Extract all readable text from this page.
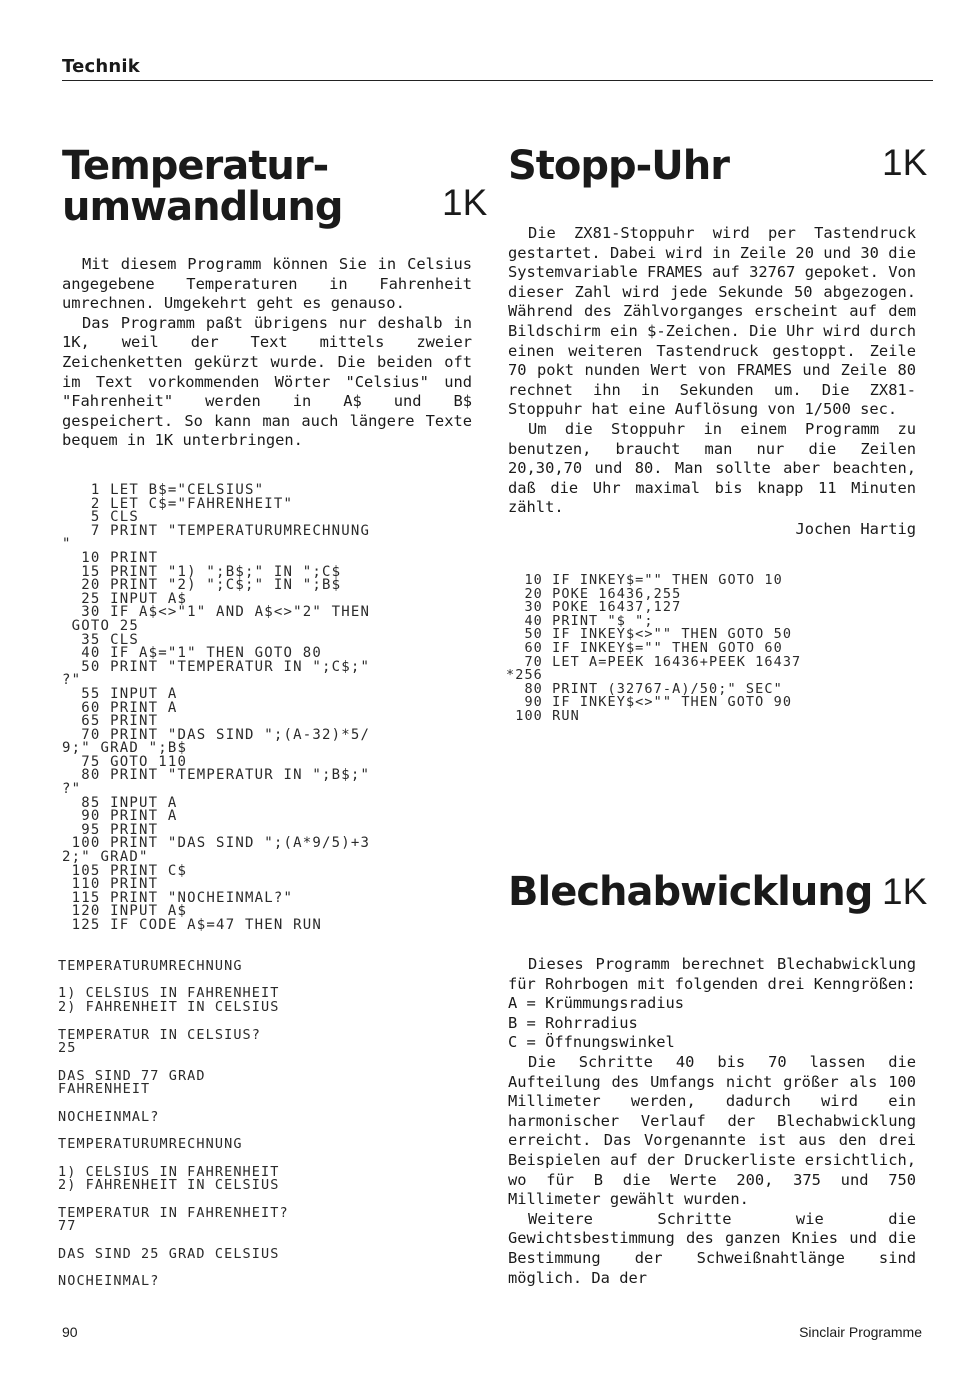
Technik
Temperatur-
umwandlung	1K

Mit diesem Programm können Sie in Celsius angegebene Temperaturen in Fahrenheit umrechnen. Umgekehrt geht es genauso.

Das Programm paßt übrigens nur deshalb in 1K, weil der Text mittels zweier Zeichenketten gekürzt wurde. Die beiden oft im Text vorkommenden Wörter "Celsius" und "Fahrenheit" werden in A$ und B$ gespeichert. So kann man auch längere Texte bequem in 1K unterbringen.

1 LET B$="CELSIUS"
2 LET C$="FAHRENHEIT"
5 CLS
7 PRINT "TEMPERATURUMRECHNUNG
"
10 PRINT
15 PRINT "1) ";B$;" IN ";C$
20 PRINT "2) ";C$;" IN ";B$
25 INPUT A$
30 IF A$<>"1" AND A$<>"2" THEN
GOTO 25
35 CLS
40 IF A$="1" THEN GOTO 80
50 PRINT "TEMPERATUR IN ";C$;"
?"
55 INPUT A
60 PRINT A
65 PRINT
70 PRINT "DAS SIND ";(A-32)*5/
9;" GRAD ";B$
75 GOTO 110
80 PRINT "TEMPERATUR IN ";B$;"
?"
85 INPUT A
90 PRINT A
95 PRINT
100 PRINT "DAS SIND ";(A*9/5)+3
2;" GRAD"
105 PRINT C$
110 PRINT
115 PRINT "NOCHEINMAL?"
120 INPUT A$
125 IF CODE A$=47 THEN RUN
TEMPERATURUMRECHNUNG

1) CELSIUS IN FAHRENHEIT
2) FAHRENHEIT IN CELSIUS

TEMPERATUR IN CELSIUS?
25

DAS SIND 77 GRAD
FAHRENHEIT

NOCHEINMAL?

TEMPERATURUMRECHNUNG

1) CELSIUS IN FAHRENHEIT
2) FAHRENHEIT IN CELSIUS

TEMPERATUR IN FAHRENHEIT?
77

DAS SIND 25 GRAD CELSIUS

NOCHEINMAL?
Stopp-Uhr	1K

Die ZX81-Stoppuhr wird per Tastendruck gestartet. Dabei wird in Zeile 20 und 30 die Systemvariable FRAMES auf 32767 gepoket. Von dieser Zahl wird jede Sekunde 50 abgezogen. Während des Zählvorganges erscheint auf dem Bildschirm ein $-Zeichen. Die Uhr wird durch einen weiteren Tastendruck gestoppt. Zeile 70 pokt nunden Wert von FRAMES und Zeile 80 rechnet ihn in Sekunden um. Die ZX81-Stoppuhr hat eine Auflösung von 1/500 sec.

Um die Stoppuhr in einem Programm zu benutzen, braucht man nur die Zeilen 20,30,70 und 80. Man sollte aber beachten, daß die Uhr maximal bis knapp 11 Minuten zählt.

Jochen Hartig
10 IF INKEY$="" THEN GOTO 10
20 POKE 16436,255
30 POKE 16437,127
40 PRINT "$ ";
50 IF INKEY$<>"" THEN GOTO 50
60 IF INKEY$="" THEN GOTO 60
70 LET A=PEEK 16436+PEEK 16437
*256
80 PRINT (32767-A)/50;" SEC"
90 IF INKEY$<>"" THEN GOTO 90
100 RUN
Blechabwicklung 1K

Dieses Programm berechnet Blechabwicklung für Rohrbogen mit folgenden drei Kenngrößen:

A = Krümmungsradius

B = Rohrradius

C = Öffnungswinkel

Die Schritte 40 bis 70 lassen die Aufteilung des Umfangs nicht größer als 100 Millimeter werden, dadurch wird ein harmonischer Verlauf der Blechabwicklung erreicht. Das Vorgenannte ist aus den drei Beispielen auf der Druckerliste ersichtlich, wo für B die Werte 200, 375 und 750 Millimeter gewählt wurden.

Weitere Schritte wie die Gewichtsbestimmung des ganzen Knies und die Bestimmung der Schweißnahtlänge sind möglich. Da der

90	Sinclair Programme
